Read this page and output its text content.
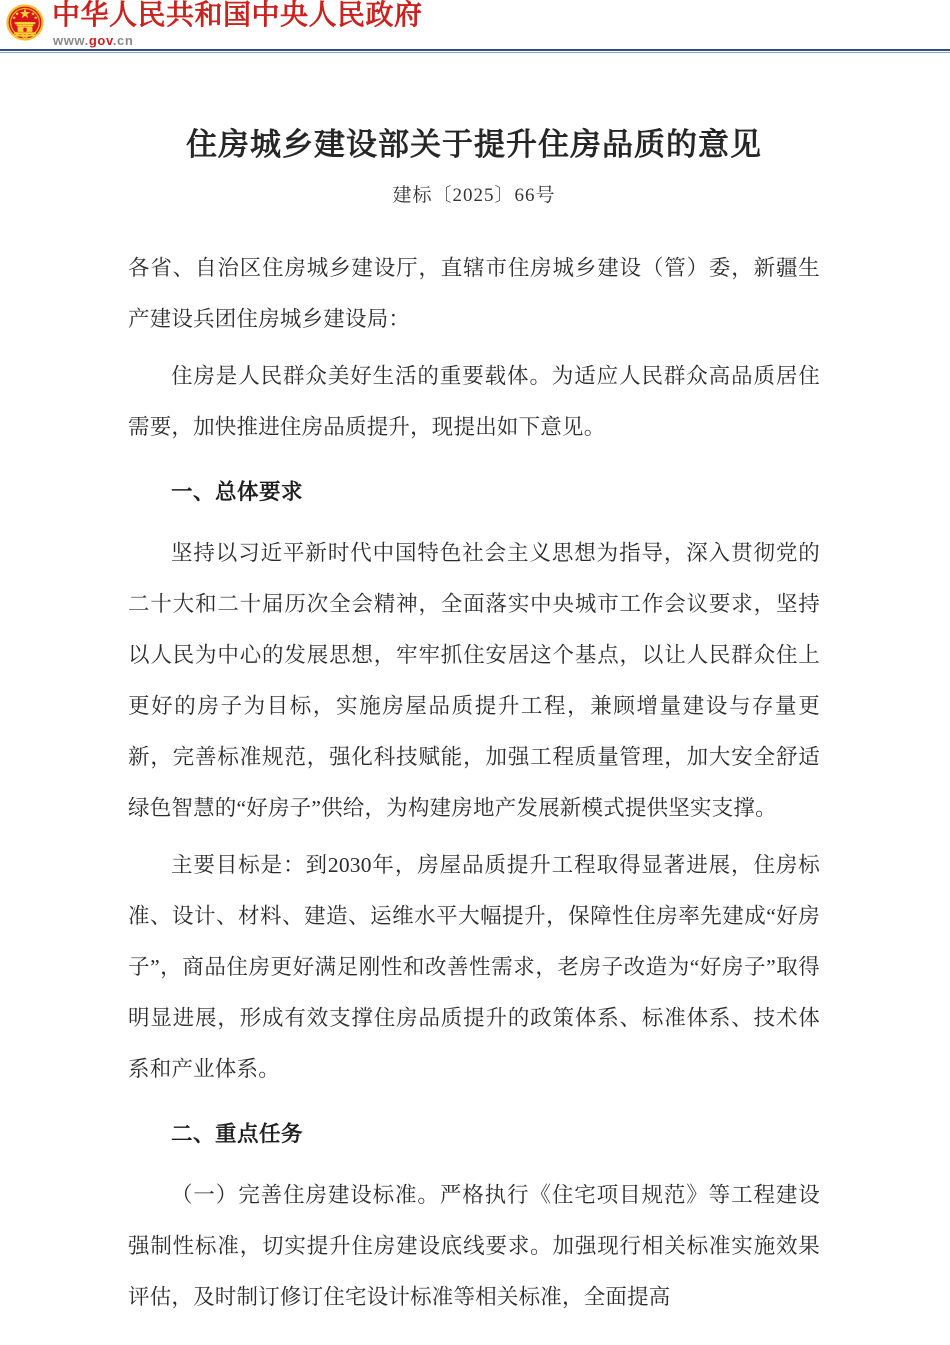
中华人民共和国中央人民政府
www.gov.cn
住房城乡建设部关于提升住房品质的意见
建标〔2025〕66号

各省、自治区住房城乡建设厅，直辖市住房城乡建设（管）委，新疆生产建设兵团住房城乡建设局：

住房是人民群众美好生活的重要载体。为适应人民群众高品质居住需要，加快推进住房品质提升，现提出如下意见。

一、总体要求

坚持以习近平新时代中国特色社会主义思想为指导，深入贯彻党的二十大和二十届历次全会精神，全面落实中央城市工作会议要求，坚持以人民为中心的发展思想，牢牢抓住安居这个基点，以让人民群众住上更好的房子为目标，实施房屋品质提升工程，兼顾增量建设与存量更新，完善标准规范，强化科技赋能，加强工程质量管理，加大安全舒适绿色智慧的“好房子”供给，为构建房地产发展新模式提供坚实支撑。

主要目标是：到2030年，房屋品质提升工程取得显著进展，住房标准、设计、材料、建造、运维水平大幅提升，保障性住房率先建成“好房子”，商品住房更好满足刚性和改善性需求，老房子改造为“好房子”取得明显进展，形成有效支撑住房品质提升的政策体系、标准体系、技术体系和产业体系。

二、重点任务

（一）完善住房建设标准。严格执行《住宅项目规范》等工程建设强制性标准，切实提升住房建设底线要求。加强现行相关标准实施效果评估，及时制订修订住宅设计标准等相关标准，全面提高
